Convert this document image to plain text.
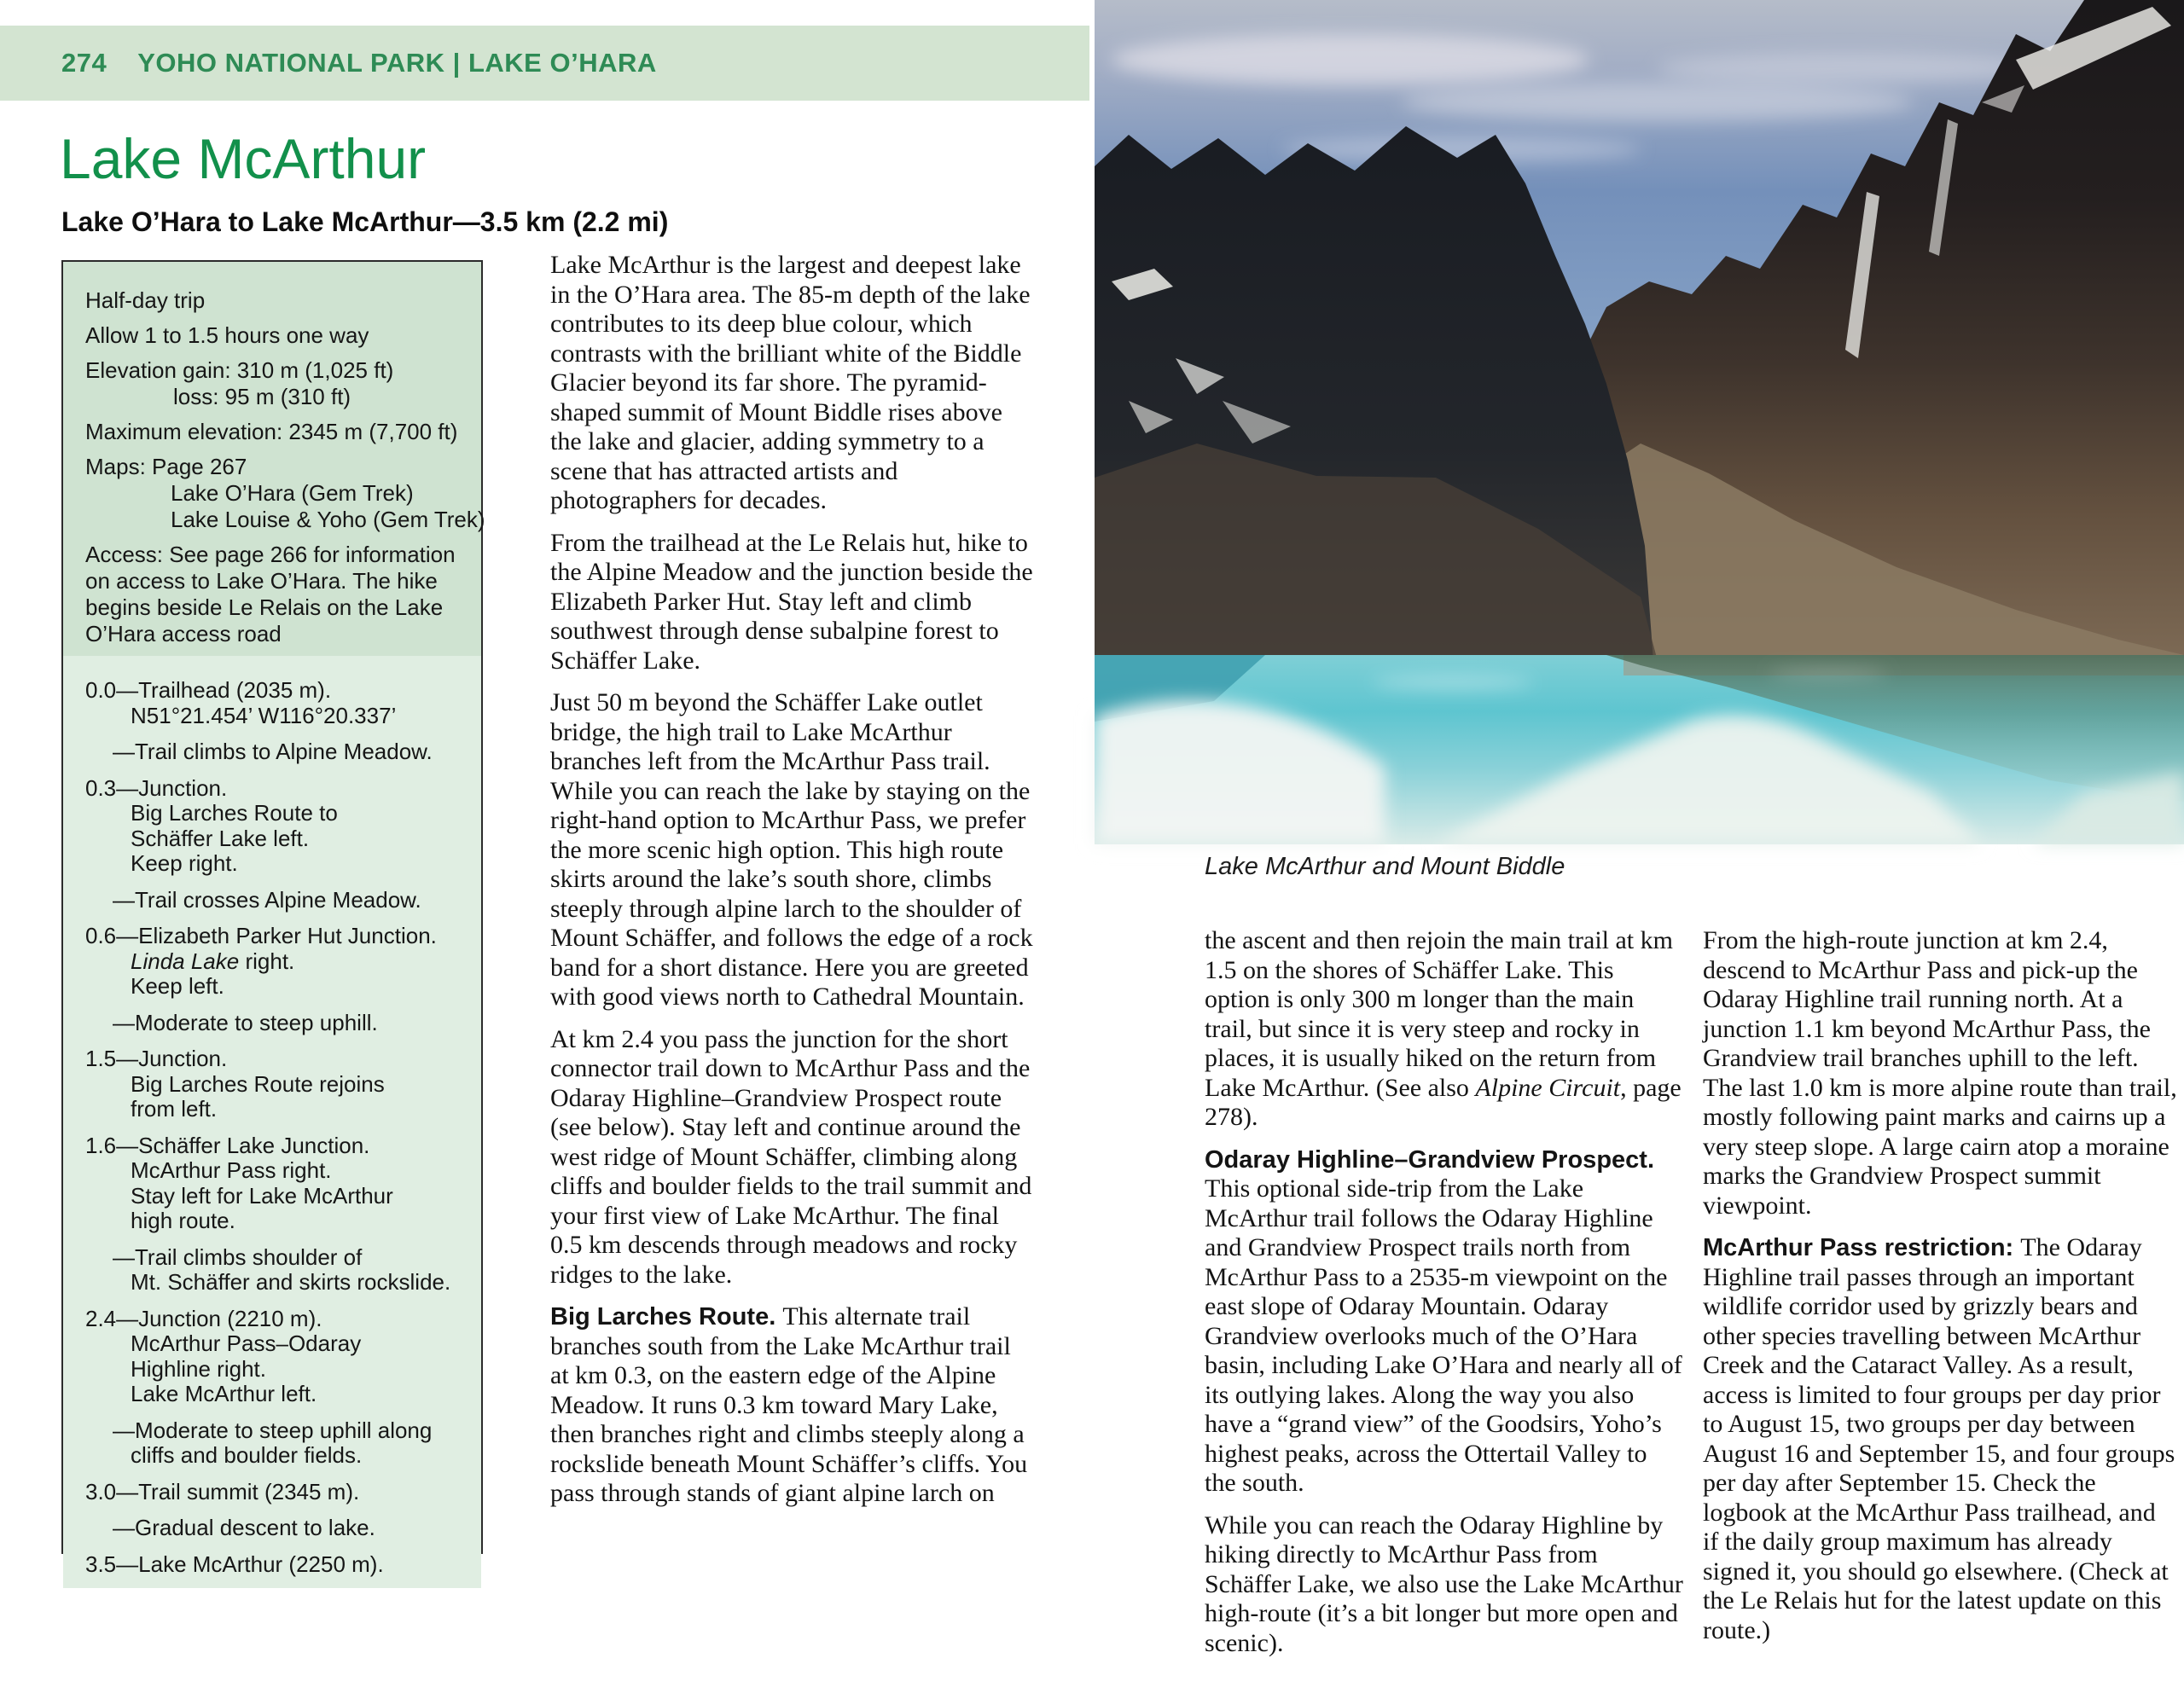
274 YOHO NATIONAL PARK | LAKE O’HARA
Lake McArthur
Lake O’Hara to Lake McArthur—3.5 km (2.2 mi)
Half-day trip
Allow 1 to 1.5 hours one way
Elevation gain: 310 m (1,025 ft)
loss: 95 m (310 ft)
Maximum elevation: 2345 m (7,700 ft)
Maps: Page 267
Lake O’Hara (Gem Trek)
Lake Louise & Yoho (Gem Trek)
Access: See page 266 for information on access to Lake O’Hara. The hike begins beside Le Relais on the Lake O’Hara access road
0.0—Trailhead (2035 m).
N51°21.454’ W116°20.337’
—Trail climbs to Alpine Meadow.
0.3—Junction.
Big Larches Route to
Schäffer Lake left.
Keep right.
—Trail crosses Alpine Meadow.
0.6—Elizabeth Parker Hut Junction.
Linda Lake right.
Keep left.
—Moderate to steep uphill.
1.5—Junction.
Big Larches Route rejoins
from left.
1.6—Schäffer Lake Junction.
McArthur Pass right.
Stay left for Lake McArthur
high route.
—Trail climbs shoulder of
Mt. Schäffer and skirts rockslide.
2.4—Junction (2210 m).
McArthur Pass–Odaray
Highline right.
Lake McArthur left.
—Moderate to steep uphill along
cliffs and boulder fields.
3.0—Trail summit (2345 m).
—Gradual descent to lake.
3.5—Lake McArthur (2250 m).

Lake McArthur is the largest and deepest lake in the O’Hara area. The 85-m depth of the lake contributes to its deep blue colour, which contrasts with the brilliant white of the Biddle Glacier beyond its far shore. The pyramid-shaped summit of Mount Biddle rises above the lake and glacier, adding symmetry to a scene that has attracted artists and photographers for decades.

From the trailhead at the Le Relais hut, hike to the Alpine Meadow and the junction beside the Elizabeth Parker Hut. Stay left and climb southwest through dense subalpine forest to Schäffer Lake.

Just 50 m beyond the Schäffer Lake outlet bridge, the high trail to Lake McArthur branches left from the McArthur Pass trail. While you can reach the lake by staying on the right-hand option to McArthur Pass, we prefer the more scenic high option. This high route skirts around the lake’s south shore, climbs steeply through alpine larch to the shoulder of Mount Schäffer, and follows the edge of a rock band for a short distance. Here you are greeted with good views north to Cathedral Mountain.

At km 2.4 you pass the junction for the short connector trail down to McArthur Pass and the Odaray Highline–Grandview Prospect route (see below). Stay left and continue around the west ridge of Mount Schäffer, climbing along cliffs and boulder fields to the trail summit and your first view of Lake McArthur. The final 0.5 km descends through meadows and rocky ridges to the lake.

Big Larches Route. This alternate trail branches south from the Lake McArthur trail at km 0.3, on the eastern edge of the Alpine Meadow. It runs 0.3 km toward Mary Lake, then branches right and climbs steeply along a rockslide beneath Mount Schäffer’s cliffs. You pass through stands of giant alpine larch on

Lake McArthur and Mount Biddle

the ascent and then rejoin the main trail at km 1.5 on the shores of Schäffer Lake. This option is only 300 m longer than the main trail, but since it is very steep and rocky in places, it is usually hiked on the return from Lake McArthur. (See also Alpine Circuit, page 278).

Odaray Highline–Grandview Prospect. This optional side-trip from the Lake McArthur trail follows the Odaray Highline and Grandview Prospect trails north from McArthur Pass to a 2535-m viewpoint on the east slope of Odaray Mountain. Odaray Grandview overlooks much of the O’Hara basin, including Lake O’Hara and nearly all of its outlying lakes. Along the way you also have a “grand view” of the Goodsirs, Yoho’s highest peaks, across the Ottertail Valley to the south.

While you can reach the Odaray Highline by hiking directly to McArthur Pass from Schäffer Lake, we also use the Lake McArthur high-route (it’s a bit longer but more open and scenic).

From the high-route junction at km 2.4, descend to McArthur Pass and pick-up the Odaray Highline trail running north. At a junction 1.1 km beyond McArthur Pass, the Grandview trail branches uphill to the left. The last 1.0 km is more alpine route than trail, mostly following paint marks and cairns up a very steep slope. A large cairn atop a moraine marks the Grandview Prospect summit viewpoint.

McArthur Pass restriction: The Odaray Highline trail passes through an important wildlife corridor used by grizzly bears and other species travelling between McArthur Creek and the Cataract Valley. As a result, access is limited to four groups per day prior to August 15, two groups per day between August 16 and September 15, and four groups per day after September 15. Check the logbook at the McArthur Pass trailhead, and if the daily group maximum has already signed it, you should go elsewhere. (Check at the Le Relais hut for the latest update on this route.)
